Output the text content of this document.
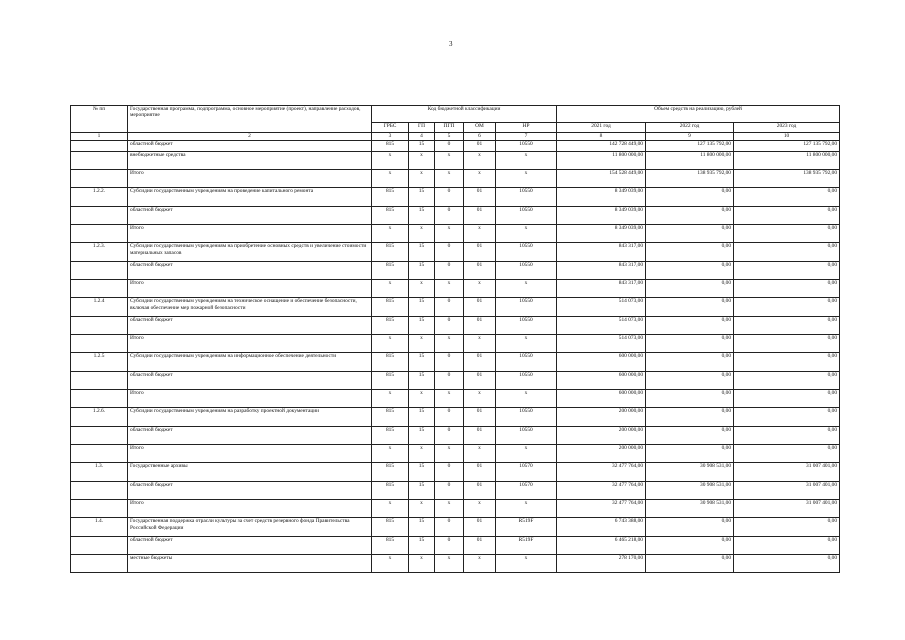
3
№ пп	Государственная программа, подпрограмма, основное мероприятие (проект), направление расходов, мероприятие	Код бюджетной классификации					Объем средств на реализацию, рублей		
		ГРБС	ГП	ПГП	ОМ	НР	2021 год	2022 год	2023 год
1	2	3	4	5	6	7	8	9	10
	областной бюджет	815	15	0	01	10550	142 728 449,00	127 135 792,00	127 135 792,00
	внебюджетные средства	х	х	х	х	х	11 800 000,00	11 800 000,00	11 800 000,00
	Итого	х	х	х	х	х	154 528 449,00	138 935 792,00	138 935 792,00
1.2.2.	Субсидии государственным учреждениям на проведение капитального ремонта	815	15	0	01	10550	8 349 039,00	0,00	0,00
	областной бюджет	815	15	0	01	10550	8 349 039,00	0,00	0,00
	Итого	х	х	х	х	х	8 349 039,00	0,00	0,00
1.2.3.	Субсидии государственным учреждениям на приобретение основных средств и увеличение стоимости материальных запасов	815	15	0	01	10550	843 317,00	0,00	0,00
	областной бюджет	815	15	0	01	10550	843 317,00	0,00	0,00
	Итого	х	х	х	х	х	843 317,00	0,00	0,00
1.2.4	Субсидии государственным учреждениям на техническое оснащение и обеспечение безопасности, включая обеспечение мер пожарной безопасности	815	15	0	01	10550	514 073,00	0,00	0,00
	областной бюджет	815	15	0	01	10550	514 073,00	0,00	0,00
	Итого	х	х	х	х	х	514 073,00	0,00	0,00
1.2.5	Субсидии государственным учреждениям на информационное обеспечение деятельности	815	15	0	01	10550	600 000,00	0,00	0,00
	областной бюджет	815	15	0	01	10550	600 000,00	0,00	0,00
	Итого	х	х	х	х	х	600 000,00	0,00	0,00
1.2.6.	Субсидии государственным учреждениям на разработку проектной документации	815	15	0	01	10550	200 000,00	0,00	0,00
	областной бюджет	815	15	0	01	10550	200 000,00	0,00	0,00
	Итого	х	х	х	х	х	200 000,00	0,00	0,00
1.3.	Государственные архивы	815	15	0	01	10570	32 477 764,00	30 908 531,00	31 007 401,00
	областной бюджет	815	15	0	01	10570	32 477 764,00	30 908 531,00	31 007 401,00
	Итого	х	х	х	х	х	32 477 764,00	30 908 531,00	31 007 401,00
1.4.	Государственная поддержка отрасли культуры за счет средств резервного фонда Правительства Российской Федерации	815	15	0	01	R519F	6 743 388,00	0,00	0,00
	областной бюджет	815	15	0	01	R519F	6 465 218,00	0,00	0,00
	местные бюджеты	х	х	х	х	х	278 170,00	0,00	0,00
